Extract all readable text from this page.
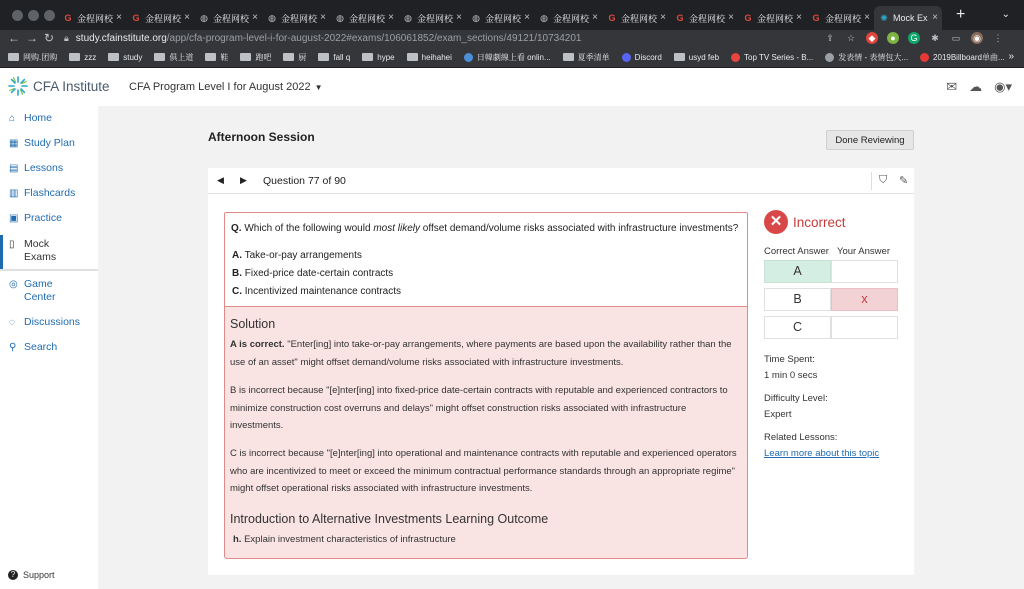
G 金程网校 × G 金程网校 × ◍ 金程网校 × ◍ 金程网校 × ◍ 金程网校 × ◍ 金程网校 × ◍ 金程网校 × ◍ 金程网校 × G 金程网校 × G 金程网校 × G 金程网校 × G 金程网校 × ✺ Mock Ex × +	⌄
← → ↻ 🔒︎ study.cfainstitute.org /app/cfa-program-level-i-for-august-2022#exams/106061852/exam_sections/49121/10734201	⇪ ☆ ◆	●	G ✱ ▭ ◉ ⋮
网购.团购	zzz	study	俱上道	鞋	跑吧	厨	fall q	hype	heihahei	日韓劇線上看 onlin...	夏季清单	Discord	usyd feb	Top TV Series - B...	发表情 - 表情包大...	2019Billboard单曲... »
CFA Institute CFA Program Level I for August 2022 ▼	✉ ☁ ◉▾
⌂ Home
▦ Study Plan
▤ Lessons
▥ Flashcards
▣ Practice
▯ Mock Exams
◎ Game Center
◌ Discussions
⚲ Search
? Support
Afternoon Session	Done Reviewing
◀ ▶ Question 77 of 90	⛉ ✎
Q. Which of the following would most likely offset demand/volume risks associated with infrastructure investments?
A. Take-or-pay arrangements
B. Fixed-price date-certain contracts
C. Incentivized maintenance contracts
Solution
A is correct. "Enter[ing] into take-or-pay arrangements, where payments are based upon the availability rather than the use of an asset" might offset demand/volume risks associated with infrastructure investments.
B is incorrect because "[e]nter[ing] into fixed-price date-certain contracts with reputable and experienced contractors to minimize construction cost overruns and delays" might offset construction risks associated with infrastructure investments.
C is incorrect because "[e]nter[ing] into operational and maintenance contracts with reputable and experienced operators who are incentivized to meet or exceed the minimum contractual performance standards through an appropriate regime" might offset operational risks associated with infrastructure investments.
Introduction to Alternative Investments Learning Outcome
h. Explain investment characteristics of infrastructure
✕ Incorrect
Correct Answer Your Answer
A
B	x
C
Time Spent:
1 min 0 secs
Difficulty Level:
Expert
Related Lessons:
Learn more about this topic
